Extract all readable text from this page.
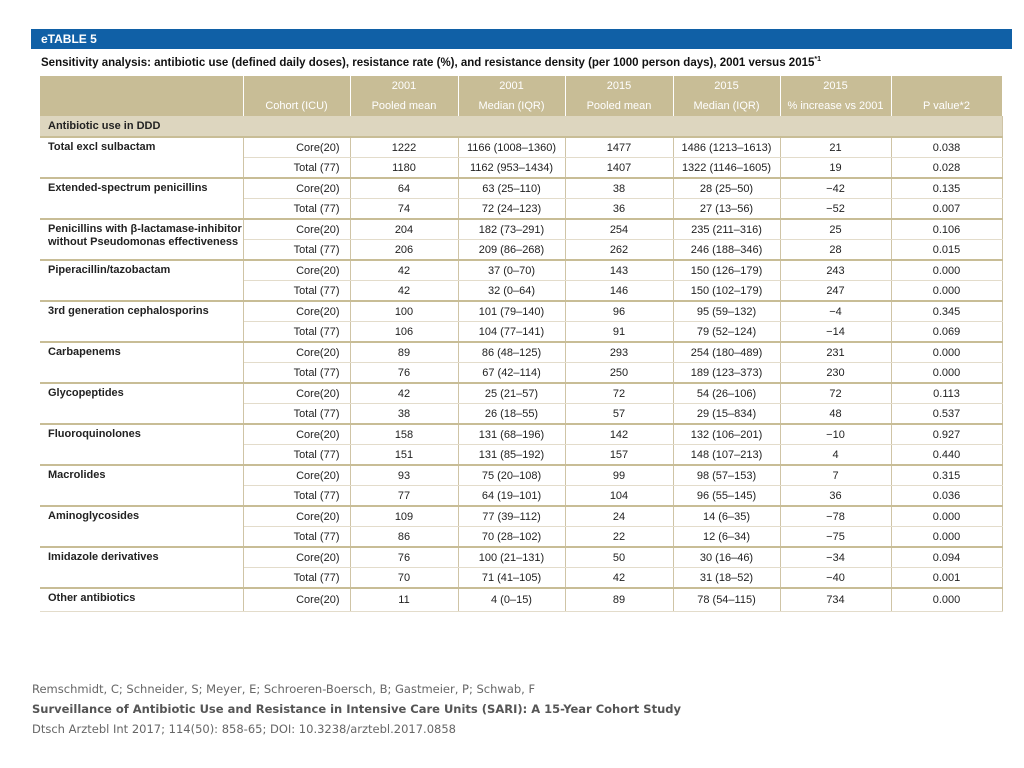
eTABLE 5
Sensitivity analysis: antibiotic use (defined daily doses), resistance rate (%), and resistance density (per 1000 person days), 2001 versus 2015$^{*1}$
		2001	2001	2015	2015	2015	
	Cohort (ICU)	Pooled mean	Median (IQR)	Pooled mean	Median (IQR)	% increase vs 2001	P value*2
Antibiotic use in DDD							
Total excl sulbactam	Core(20)	1222	1166 (1008–1360)	1477	1486 (1213–1613)	21	0.038
	Total (77)	1180	1162 (953–1434)	1407	1322 (1146–1605)	19	0.028
Extended-spectrum penicillins	Core(20)	64	63 (25–110)	38	28 (25–50)	−42	0.135
	Total (77)	74	72 (24–123)	36	27 (13–56)	−52	0.007
Penicillins with β-lactamase-inhibitor without Pseudomonas effectiveness	Core(20)	204	182 (73–291)	254	235 (211–316)	25	0.106
	Total (77)	206	209 (86–268)	262	246 (188–346)	28	0.015
Piperacillin/tazobactam	Core(20)	42	37 (0–70)	143	150 (126–179)	243	0.000
	Total (77)	42	32 (0–64)	146	150 (102–179)	247	0.000
3rd generation cephalosporins	Core(20)	100	101 (79–140)	96	95 (59–132)	−4	0.345
	Total (77)	106	104 (77–141)	91	79 (52–124)	−14	0.069
Carbapenems	Core(20)	89	86 (48–125)	293	254 (180–489)	231	0.000
	Total (77)	76	67 (42–114)	250	189 (123–373)	230	0.000
Glycopeptides	Core(20)	42	25 (21–57)	72	54 (26–106)	72	0.113
	Total (77)	38	26 (18–55)	57	29 (15–834)	48	0.537
Fluoroquinolones	Core(20)	158	131 (68–196)	142	132 (106–201)	−10	0.927
	Total (77)	151	131 (85–192)	157	148 (107–213)	4	0.440
Macrolides	Core(20)	93	75 (20–108)	99	98 (57–153)	7	0.315
	Total (77)	77	64 (19–101)	104	96 (55–145)	36	0.036
Aminoglycosides	Core(20)	109	77 (39–112)	24	14 (6–35)	−78	0.000
	Total (77)	86	70 (28–102)	22	12 (6–34)	−75	0.000
Imidazole derivatives	Core(20)	76	100 (21–131)	50	30 (16–46)	−34	0.094
	Total (77)	70	71 (41–105)	42	31 (18–52)	−40	0.001
Other antibiotics	Core(20)	11	4 (0–15)	89	78 (54–115)	734	0.000
Remschmidt, C; Schneider, S; Meyer, E; Schroeren-Boersch, B; Gastmeier, P; Schwab, F
Surveillance of Antibiotic Use and Resistance in Intensive Care Units (SARI): A 15-Year Cohort Study
Dtsch Arztebl Int 2017; 114(50): 858-65; DOI: 10.3238/arztebl.2017.0858
